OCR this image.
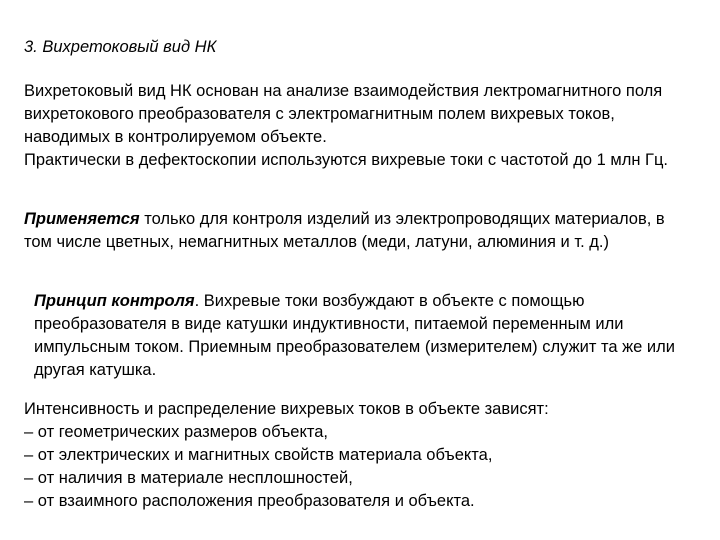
3. Вихретоковый вид НК

Вихретоковый вид НК основан на анализе взаимодействия лектромагнитного поля вихретокового преобразователя с электромагнитным полем вихревых токов, наводимых в контролируемом объекте.

Практически в дефектоскопии используются вихревые токи с частотой до 1 млн Гц.

Применяется только для контроля изделий из электропроводящих материалов, в том числе цветных, немагнитных металлов (меди, латуни, алюминия и т. д.)

Принцип контроля. Вихревые токи возбуждают в объекте с помощью преобразователя в виде катушки индуктивности, питаемой переменным или импульсным током. Приемным преобразователем (измерителем) служит та же или другая катушка.

Интенсивность и распределение вихревых токов в объекте зависят:

– от геометрических размеров объекта,

– от электрических и магнитных свойств материала объекта,

– от наличия в материале несплошностей,

– от взаимного расположения преобразователя и объекта.
